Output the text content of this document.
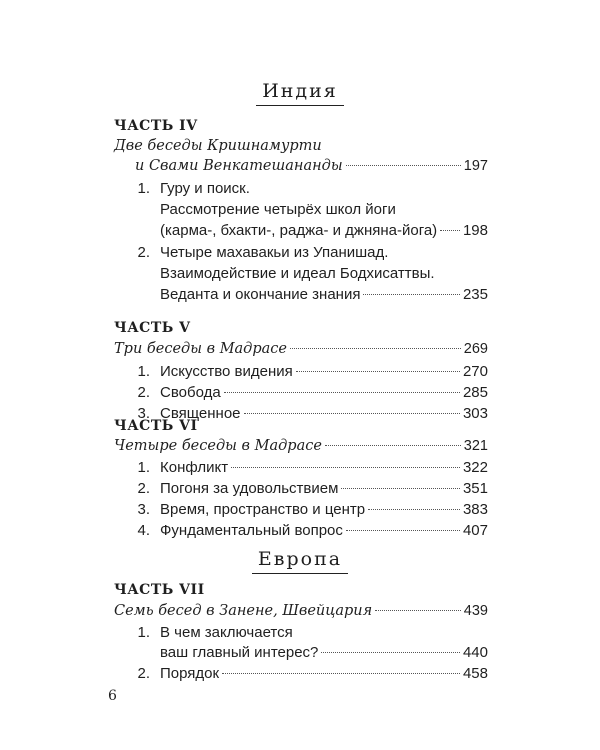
Индия
ЧАСТЬ IV
Две беседы Кришнамурти
и Свами Венкатешананды	197
1. Гуру и поиск.
Рассмотрение четырёх школ йоги
(карма-, бхакти-, раджа- и джняна-йога) 198
2. Четыре махавакьи из Упанишад.
Взаимодействие и идеал Бодхисаттвы.
Веданта и окончание знания	235
ЧАСТЬ V
Три беседы в Мадрасе	269
1. Искусство видения	270
2. Свобода	285
3. Священное	303
ЧАСТЬ VI
Четыре беседы в Мадрасе	321
1. Конфликт	322
2. Погоня за удовольствием	351
3. Время, пространство и центр	383
4. Фундаментальный вопрос	407
Европа
ЧАСТЬ VII
Семь бесед в Занене, Швейцария	439
1. В чем заключается
ваш главный интерес?	440
2. Порядок	458
6
